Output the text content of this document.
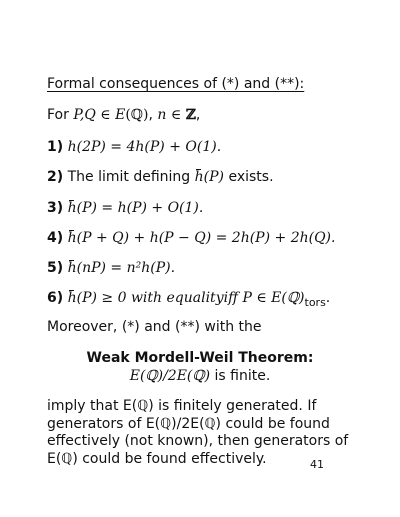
Formal consequences of (*) and (**):
For P,Q ∈ E(ℚ), n ∈ ℤ,
1) h(2P) = 4h(P) + O(1).
2) The limit defining h(P) exists.
3) h(P) = h(P) + O(1).
4) h(P + Q) + h(P − Q) = 2h(P) + 2h(Q).
5) h(nP) = n²h(P).
6) h(P) ≥ 0 with equalityiff P ∈ $E(ℚ)_{tors}$.
Moreover, (*) and (**) with the
Weak Mordell-Weil Theorem:
E(ℚ)/2E(ℚ) is finite.
imply that E(ℚ) is finitely generated. If generators of E(ℚ)/2E(ℚ) could be found effectively (not known), then generators of E(ℚ) could be found effectively.	41
